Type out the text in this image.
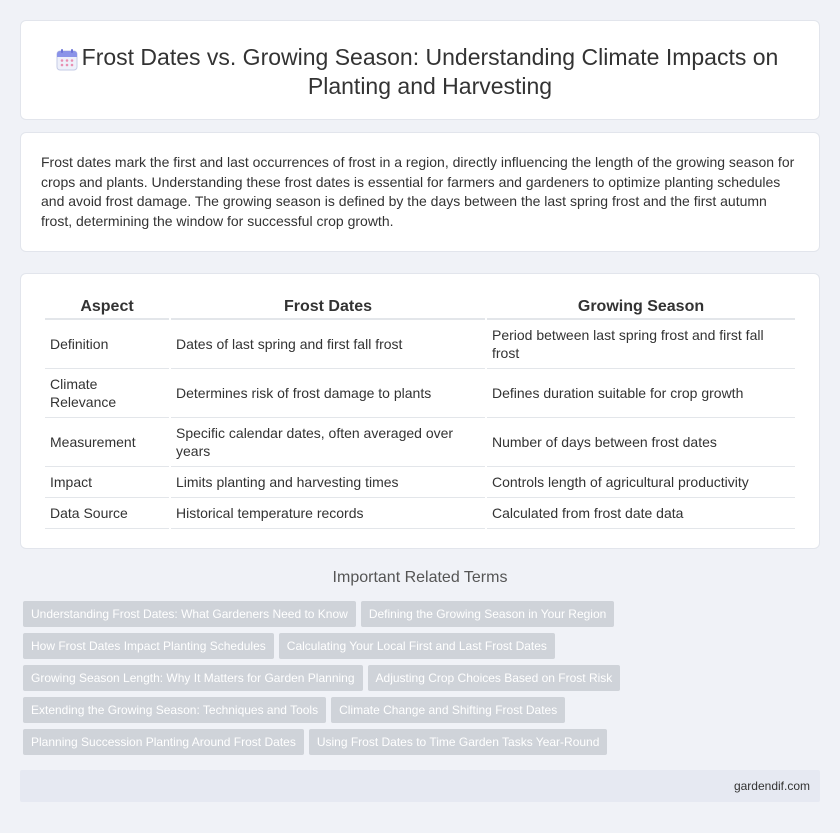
Frost Dates vs. Growing Season: Understanding Climate Impacts on Planting and Harvesting

Frost dates mark the first and last occurrences of frost in a region, directly influencing the length of the growing season for crops and plants. Understanding these frost dates is essential for farmers and gardeners to optimize planting schedules and avoid frost damage. The growing season is defined by the days between the last spring frost and the first autumn frost, determining the window for successful crop growth.

Aspect	Frost Dates	Growing Season
Definition	Dates of last spring and first fall frost	Period between last spring frost and first fall frost
Climate Relevance	Determines risk of frost damage to plants	Defines duration suitable for crop growth
Measurement	Specific calendar dates, often averaged over years	Number of days between frost dates
Impact	Limits planting and harvesting times	Controls length of agricultural productivity
Data Source	Historical temperature records	Calculated from frost date data
Important Related Terms
Understanding Frost Dates: What Gardeners Need to Know Defining the Growing Season in Your Region
How Frost Dates Impact Planting Schedules Calculating Your Local First and Last Frost Dates
Growing Season Length: Why It Matters for Garden Planning Adjusting Crop Choices Based on Frost Risk
Extending the Growing Season: Techniques and Tools Climate Change and Shifting Frost Dates
Planning Succession Planting Around Frost Dates Using Frost Dates to Time Garden Tasks Year-Round
gardendif.com
